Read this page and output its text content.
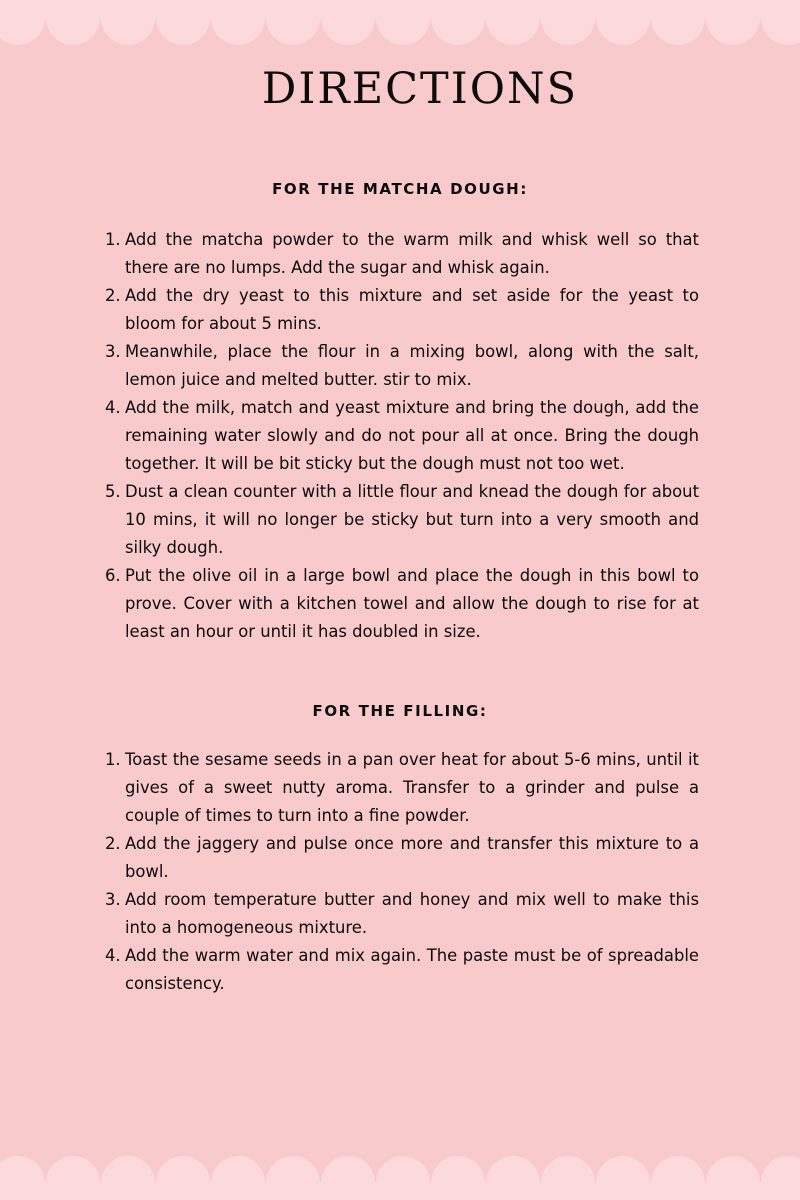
DIRECTIONS
FOR THE MATCHA DOUGH:
1. Add the matcha powder to the warm milk and whisk well so that there are no lumps. Add the sugar and whisk again.
2. Add the dry yeast to this mixture and set aside for the yeast to bloom for about 5 mins.
3. Meanwhile, place the flour in a mixing bowl, along with the salt, lemon juice and melted butter. stir to mix.
4. Add the milk, match and yeast mixture and bring the dough, add the remaining water slowly and do not pour all at once. Bring the dough together. It will be bit sticky but the dough must not too wet.
5. Dust a clean counter with a little flour and knead the dough for about 10 mins, it will no longer be sticky but turn into a very smooth and silky dough.
6. Put the olive oil in a large bowl and place the dough in this bowl to prove. Cover with a kitchen towel and allow the dough to rise for at least an hour or until it has doubled in size.
FOR THE FILLING:
1. Toast the sesame seeds in a pan over heat for about 5-6 mins, until it gives of a sweet nutty aroma. Transfer to a grinder and pulse a couple of times to turn into a fine powder.
2. Add the jaggery and pulse once more and transfer this mixture to a bowl.
3. Add room temperature butter and honey and mix well to make this into a homogeneous mixture.
4. Add the warm water and mix again. The paste must be of spreadable consistency.
